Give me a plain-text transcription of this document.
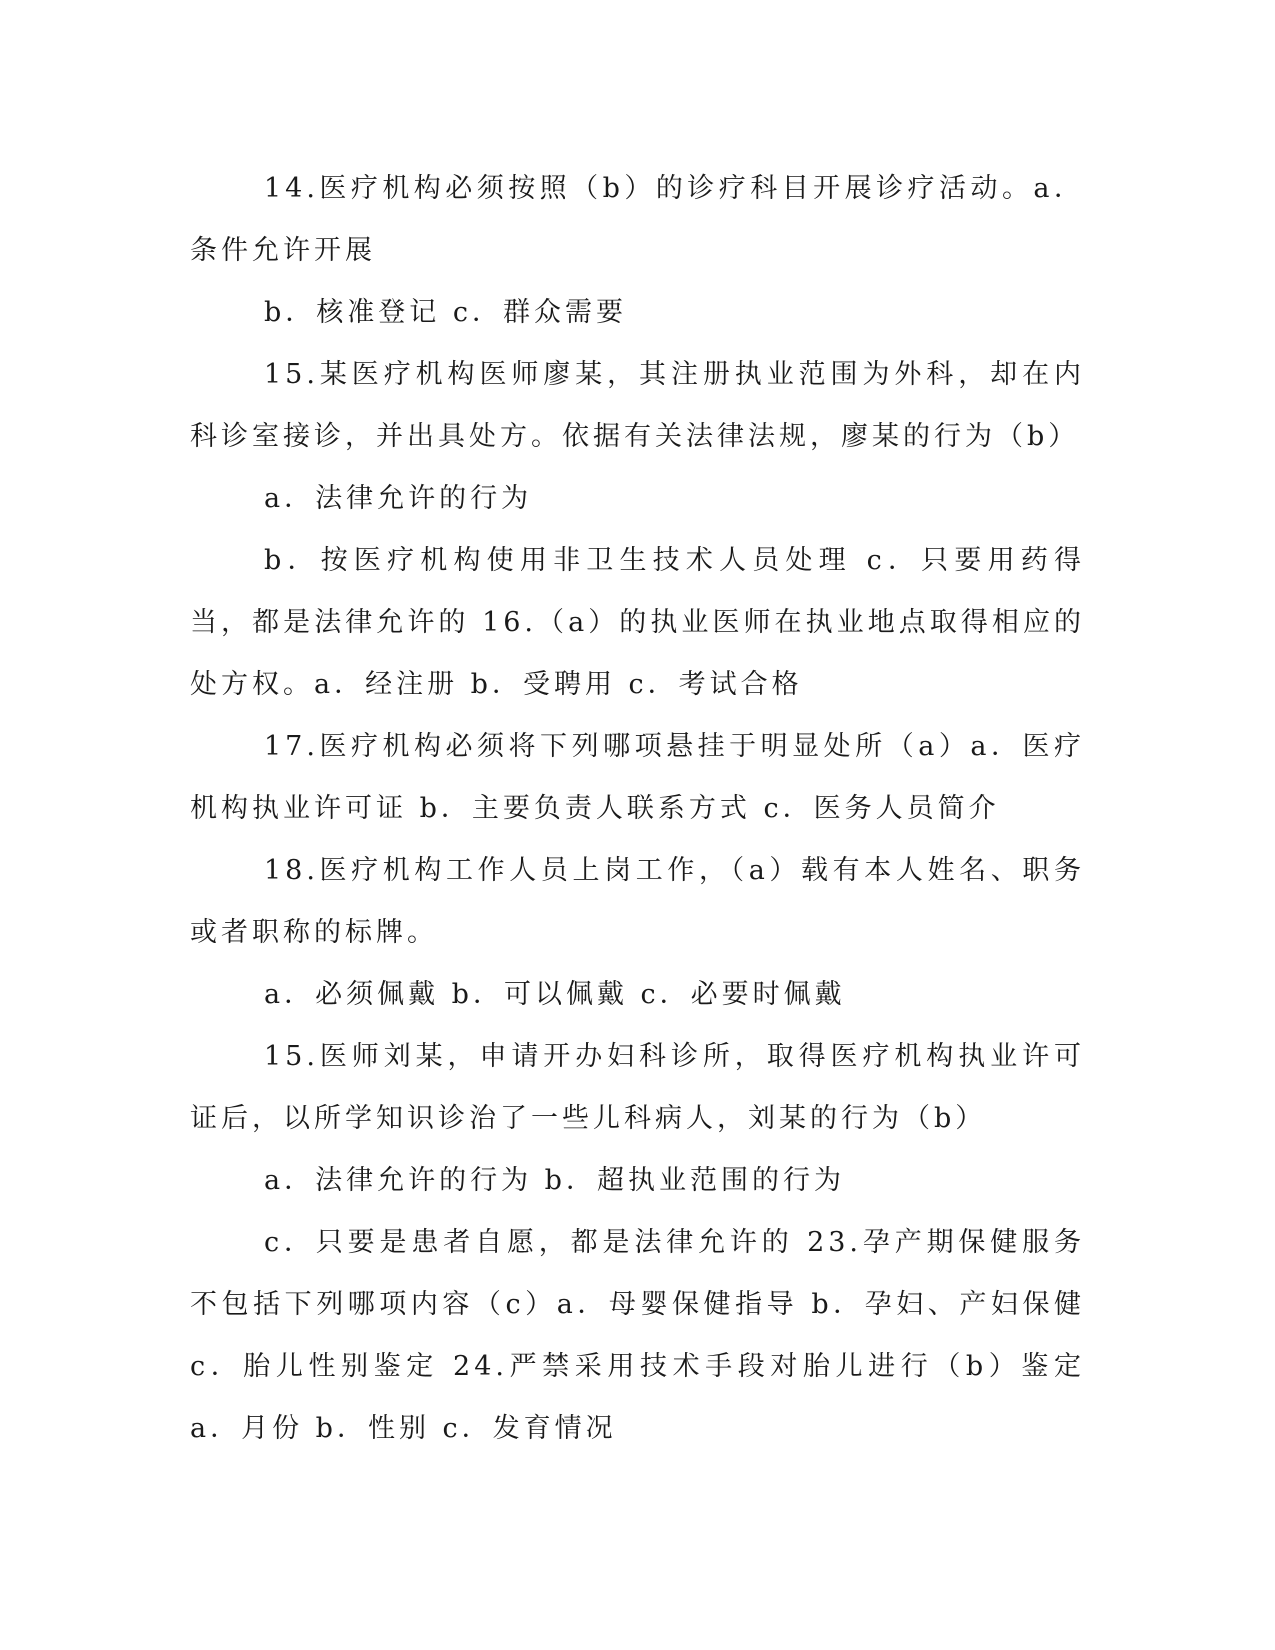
14.医疗机构必须按照（b）的诊疗科目开展诊疗活动。a．条件允许开展

b．核准登记 c．群众需要

15.某医疗机构医师廖某，其注册执业范围为外科，却在内科诊室接诊，并出具处方。依据有关法律法规，廖某的行为（b）

a．法律允许的行为

b．按医疗机构使用非卫生技术人员处理 c．只要用药得当，都是法律允许的 16.（a）的执业医师在执业地点取得相应的处方权。a．经注册 b．受聘用 c．考试合格

17.医疗机构必须将下列哪项悬挂于明显处所（a）a．医疗机构执业许可证 b．主要负责人联系方式 c．医务人员简介

18.医疗机构工作人员上岗工作，（a）载有本人姓名、职务或者职称的标牌。

a．必须佩戴 b．可以佩戴 c．必要时佩戴

15.医师刘某，申请开办妇科诊所，取得医疗机构执业许可证后，以所学知识诊治了一些儿科病人，刘某的行为（b）

a．法律允许的行为 b．超执业范围的行为

c．只要是患者自愿，都是法律允许的 23.孕产期保健服务不包括下列哪项内容（c）a．母婴保健指导 b．孕妇、产妇保健 c．胎儿性别鉴定 24.严禁采用技术手段对胎儿进行（b）鉴定 a．月份 b．性别 c．发育情况
